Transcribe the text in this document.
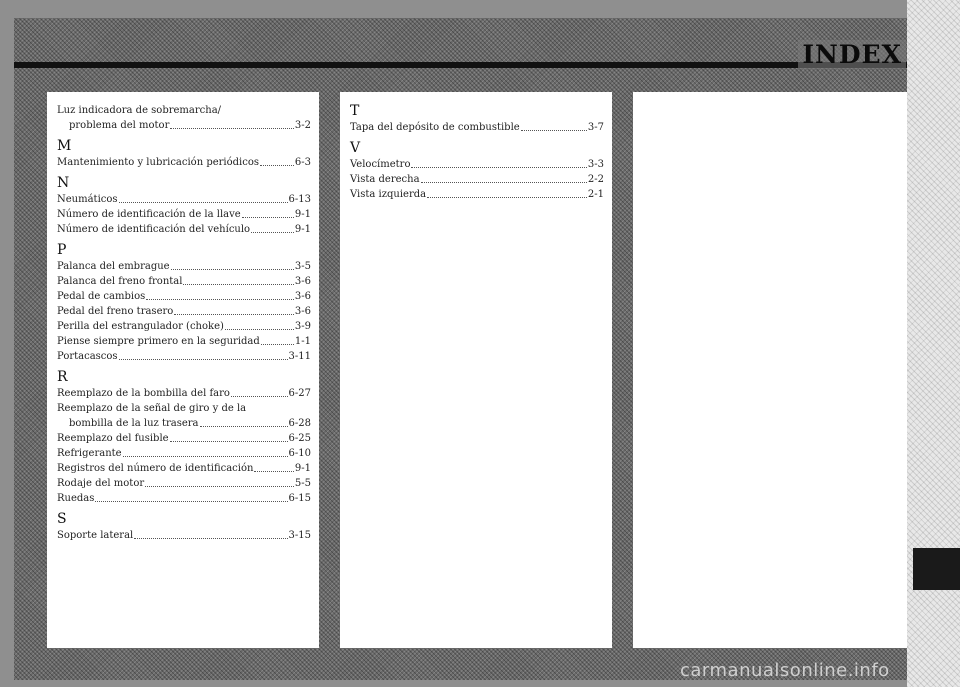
INDEX
Luz indicadora de sobremarcha/
problema del motor	3-2
M
Mantenimiento y lubricación periódicos	6-3
N
Neumáticos	6-13
Número de identificación de la llave	9-1
Número de identificación del vehículo	9-1
P
Palanca del embrague	3-5
Palanca del freno frontal	3-6
Pedal de cambios	3-6
Pedal del freno trasero	3-6
Perilla del estrangulador (choke)	3-9
Piense siempre primero en la seguridad	1-1
Portacascos	3-11
R
Reemplazo de la bombilla del faro	6-27
Reemplazo de la señal de giro y de la
bombilla de la luz trasera	6-28
Reemplazo del fusible	6-25
Refrigerante	6-10
Registros del número de identificación	9-1
Rodaje del motor	5-5
Ruedas	6-15
S
Soporte lateral	3-15
T
Tapa del depósito de combustible	3-7
V
Velocímetro	3-3
Vista derecha	2-2
Vista izquierda	2-1
carmanualsonline.info
